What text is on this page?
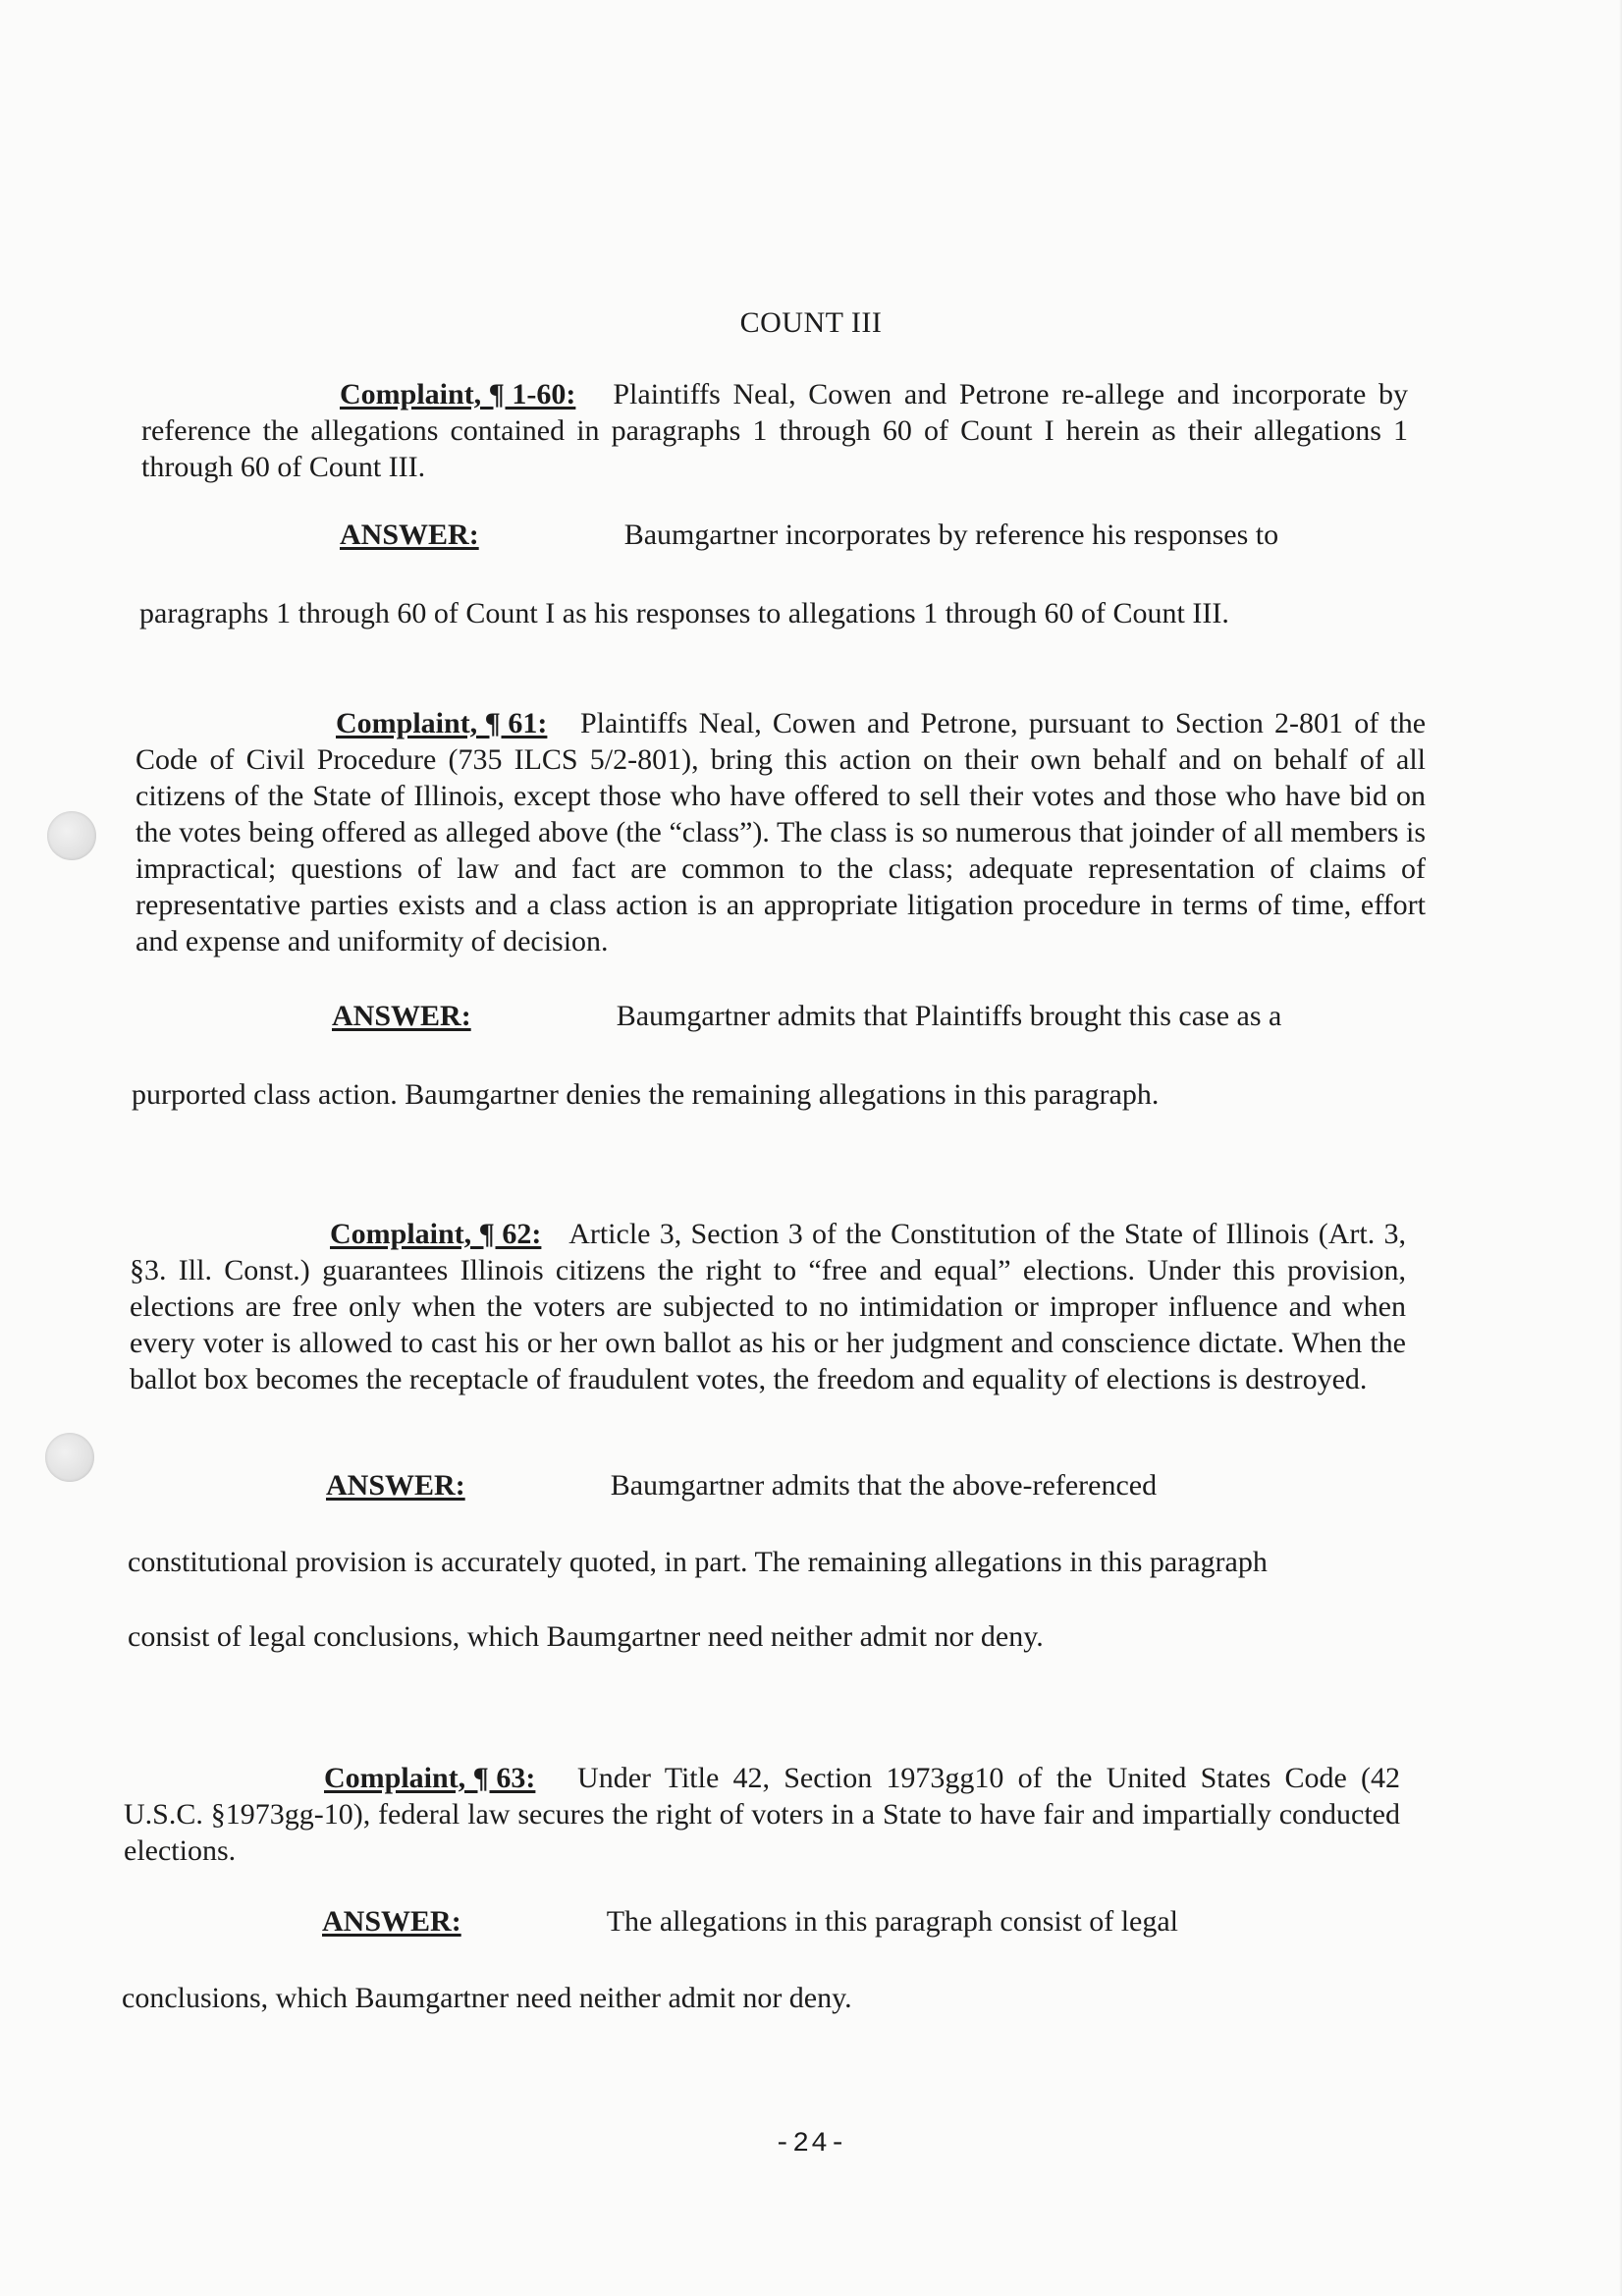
COUNT III
Complaint, ¶ 1-60: Plaintiffs Neal, Cowen and Petrone re-allege and incorporate by reference the allegations contained in paragraphs 1 through 60 of Count I herein as their allegations 1 through 60 of Count III.
ANSWER:	Baumgartner incorporates by reference his responses to
paragraphs 1 through 60 of Count I as his responses to allegations 1 through 60 of Count III.
Complaint, ¶ 61: Plaintiffs Neal, Cowen and Petrone, pursuant to Section 2-801 of the Code of Civil Procedure (735 ILCS 5/2-801), bring this action on their own behalf and on behalf of all citizens of the State of Illinois, except those who have offered to sell their votes and those who have bid on the votes being offered as alleged above (the “class”). The class is so numerous that joinder of all members is impractical; questions of law and fact are common to the class; adequate representation of claims of representative parties exists and a class action is an appropriate litigation procedure in terms of time, effort and expense and uniformity of decision.
ANSWER:	Baumgartner admits that Plaintiffs brought this case as a
purported class action. Baumgartner denies the remaining allegations in this paragraph.
Complaint, ¶ 62: Article 3, Section 3 of the Constitution of the State of Illinois (Art. 3, §3. Ill. Const.) guarantees Illinois citizens the right to “free and equal” elections. Under this provision, elections are free only when the voters are subjected to no intimidation or improper influence and when every voter is allowed to cast his or her own ballot as his or her judgment and conscience dictate. When the ballot box becomes the receptacle of fraudulent votes, the freedom and equality of elections is destroyed.
ANSWER:	Baumgartner admits that the above-referenced
constitutional provision is accurately quoted, in part. The remaining allegations in this paragraph
consist of legal conclusions, which Baumgartner need neither admit nor deny.
Complaint, ¶ 63: Under Title 42, Section 1973gg10 of the United States Code (42 U.S.C. §1973gg-10), federal law secures the right of voters in a State to have fair and impartially conducted elections.
ANSWER:	The allegations in this paragraph consist of legal
conclusions, which Baumgartner need neither admit nor deny.
-24-
